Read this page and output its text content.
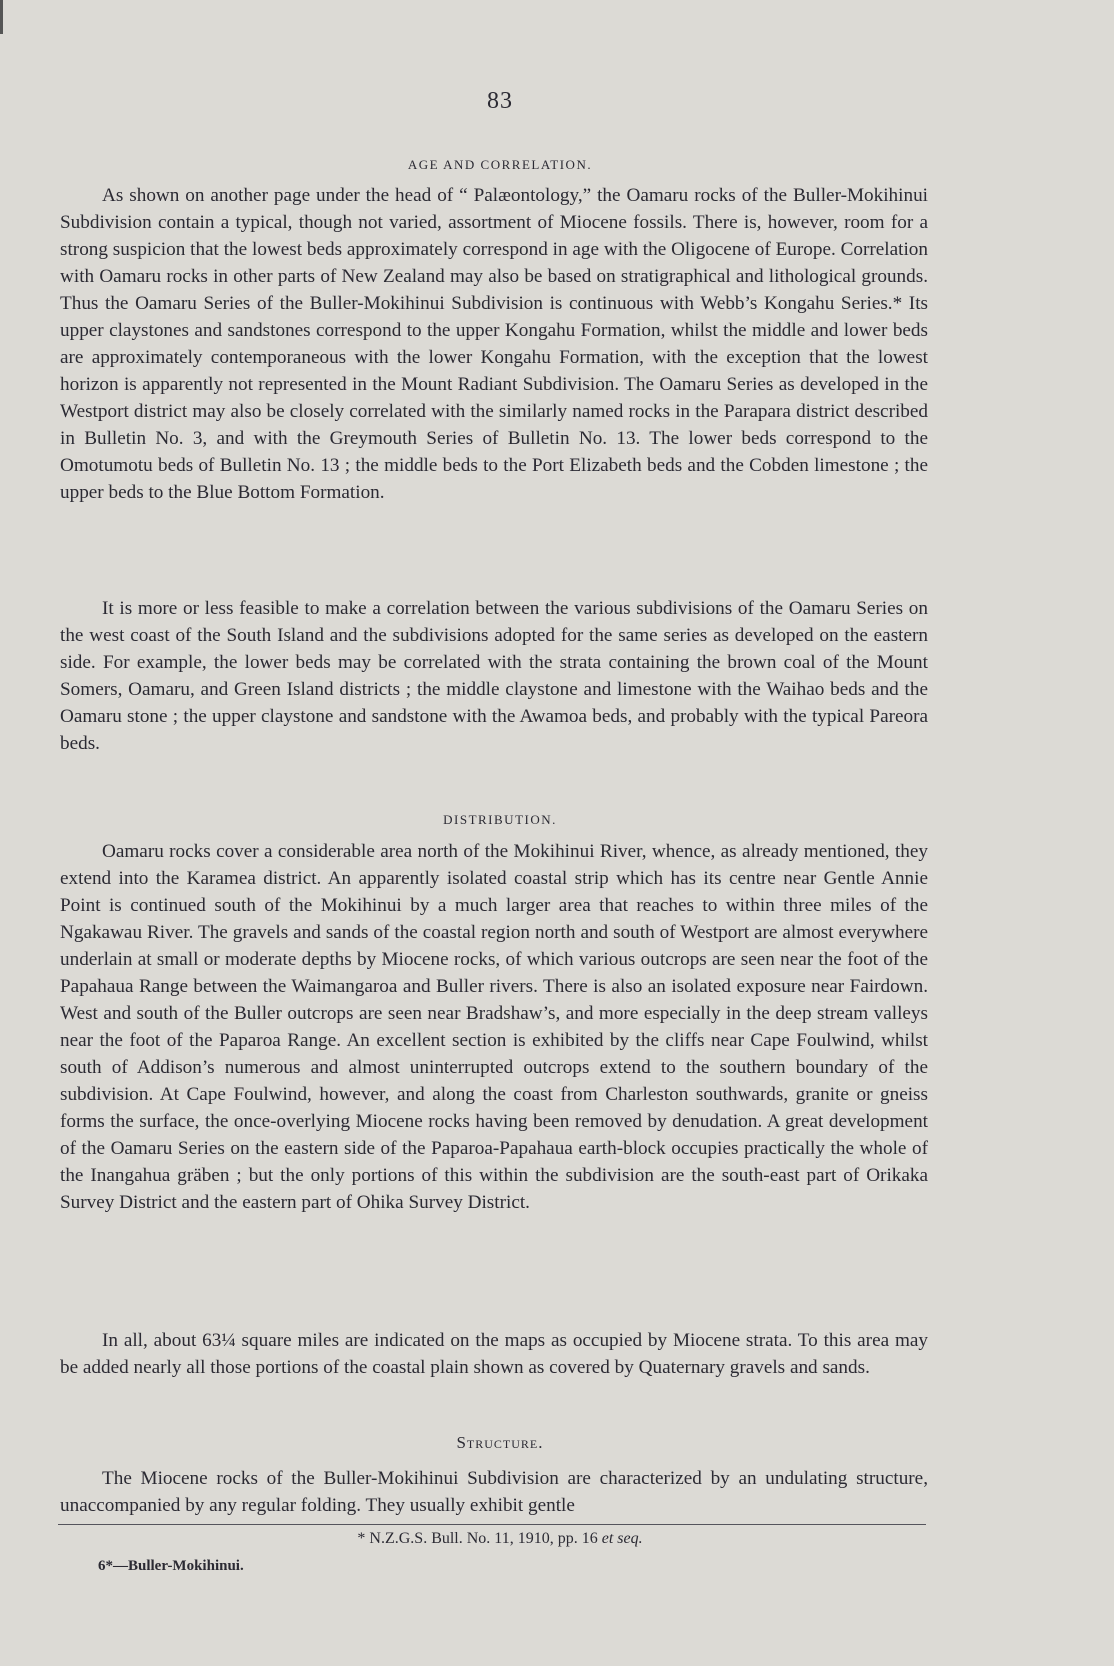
83
AGE AND CORRELATION.

As shown on another page under the head of “ Palæontology,” the Oamaru rocks of the Buller-Mokihinui Subdivision contain a typical, though not varied, assortment of Miocene fossils. There is, however, room for a strong suspicion that the lowest beds approximately correspond in age with the Oligocene of Europe. Correlation with Oamaru rocks in other parts of New Zealand may also be based on stratigraphical and lithological grounds. Thus the Oamaru Series of the Buller-Mokihinui Subdivision is continuous with Webb’s Kongahu Series.* Its upper claystones and sandstones correspond to the upper Kongahu Formation, whilst the middle and lower beds are approximately contemporaneous with the lower Kongahu Formation, with the exception that the lowest horizon is apparently not represented in the Mount Radiant Subdivision. The Oamaru Series as developed in the Westport district may also be closely correlated with the similarly named rocks in the Parapara district described in Bulletin No. 3, and with the Greymouth Series of Bulletin No. 13. The lower beds correspond to the Omotumotu beds of Bulletin No. 13 ; the middle beds to the Port Elizabeth beds and the Cobden limestone ; the upper beds to the Blue Bottom Formation.

It is more or less feasible to make a correlation between the various subdivisions of the Oamaru Series on the west coast of the South Island and the subdivisions adopted for the same series as developed on the eastern side. For example, the lower beds may be correlated with the strata containing the brown coal of the Mount Somers, Oamaru, and Green Island districts ; the middle claystone and limestone with the Waihao beds and the Oamaru stone ; the upper claystone and sandstone with the Awamoa beds, and probably with the typical Pareora beds.

DISTRIBUTION.

Oamaru rocks cover a considerable area north of the Mokihinui River, whence, as already mentioned, they extend into the Karamea district. An apparently isolated coastal strip which has its centre near Gentle Annie Point is continued south of the Mokihinui by a much larger area that reaches to within three miles of the Ngakawau River. The gravels and sands of the coastal region north and south of Westport are almost everywhere underlain at small or moderate depths by Miocene rocks, of which various outcrops are seen near the foot of the Papahaua Range between the Waimangaroa and Buller rivers. There is also an isolated exposure near Fairdown. West and south of the Buller outcrops are seen near Bradshaw’s, and more especially in the deep stream valleys near the foot of the Paparoa Range. An excellent section is exhibited by the cliffs near Cape Foulwind, whilst south of Addison’s numerous and almost uninterrupted outcrops extend to the southern boundary of the subdivision. At Cape Foulwind, however, and along the coast from Charleston southwards, granite or gneiss forms the surface, the once-overlying Miocene rocks having been removed by denudation. A great development of the Oamaru Series on the eastern side of the Paparoa-Papahaua earth-block occupies practically the whole of the Inangahua gräben ; but the only portions of this within the subdivision are the south-east part of Orikaka Survey District and the eastern part of Ohika Survey District.

In all, about 63¼ square miles are indicated on the maps as occupied by Miocene strata. To this area may be added nearly all those portions of the coastal plain shown as covered by Quaternary gravels and sands.

Structure.

The Miocene rocks of the Buller-Mokihinui Subdivision are characterized by an undulating structure, unaccompanied by any regular folding. They usually exhibit gentle

* N.Z.G.S. Bull. No. 11, 1910, pp. 16 et seq.
6*—Buller-Mokihinui.
